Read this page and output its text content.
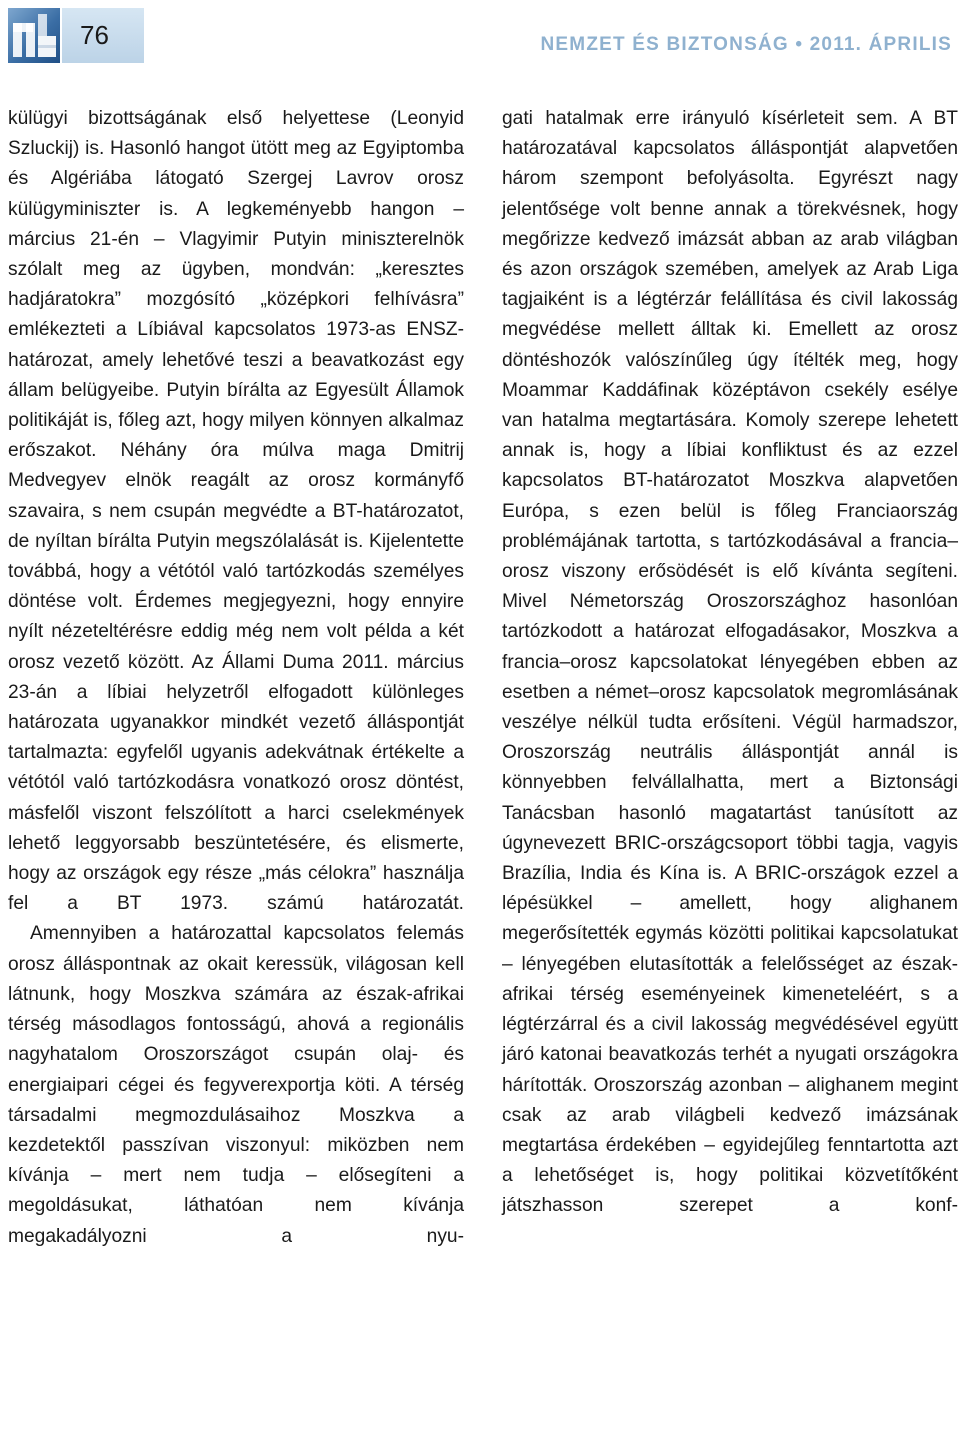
76	NEMZET ÉS BIZTONSÁG • 2011. ÁPRILIS

külügyi bizottságának első helyettese (Leonyid Szluckij) is. Hasonló hangot ütött meg az Egyiptomba és Algériába látogató Szergej Lavrov orosz külügyminiszter is. A legkeményebb hangon – március 21-én – Vlagyimir Putyin miniszterelnök szólalt meg az ügyben, mondván: „keresztes hadjáratokra” mozgósító „középkori felhívásra” emlékezteti a Líbiával kapcsolatos 1973-as ENSZ-határozat, amely lehetővé teszi a beavatkozást egy állam belügyeibe. Putyin bírálta az Egyesült Államok politikáját is, főleg azt, hogy milyen könnyen alkalmaz erőszakot. Néhány óra múlva maga Dmitrij Medvegyev elnök reagált az orosz kormányfő szavaira, s nem csupán megvédte a BT-határozatot, de nyíltan bírálta Putyin megszólalását is. Kijelentette továbbá, hogy a vétótól való tartózkodás személyes döntése volt. Érdemes megjegyezni, hogy ennyire nyílt nézeteltérésre eddig még nem volt példa a két orosz vezető között. Az Állami Duma 2011. március 23-án a líbiai helyzetről elfogadott különleges határozata ugyanakkor mindkét vezető álláspontját tartalmazta: egyfelől ugyanis adekvátnak értékelte a vétótól való tartózkodásra vonatkozó orosz döntést, másfelől viszont felszólított a harci cselekmények lehető leggyorsabb beszüntetésére, és elismerte, hogy az országok egy része „más célokra” használja fel a BT 1973. számú határozatát.

Amennyiben a határozattal kapcsolatos felemás orosz álláspontnak az okait keressük, világosan kell látnunk, hogy Moszkva számára az észak-afrikai térség másodlagos fontosságú, ahová a regionális nagyhatalom Oroszországot csupán olaj- és energiaipari cégei és fegyverexportja köti. A térség társadalmi megmozdulásaihoz Moszkva a kezdetektől passzívan viszonyul: miközben nem kívánja – mert nem tudja – elősegíteni a megoldásukat, láthatóan nem kívánja megakadályozni a nyu-

gati hatalmak erre irányuló kísérleteit sem. A BT határozatával kapcsolatos álláspontját alapvetően három szempont befolyásolta. Egyrészt nagy jelentősége volt benne annak a törekvésnek, hogy megőrizze kedvező imázsát abban az arab világban és azon országok szemében, amelyek az Arab Liga tagjaiként is a légtérzár felállítása és civil lakosság megvédése mellett álltak ki. Emellett az orosz döntéshozók valószínűleg úgy ítélték meg, hogy Moammar Kaddáfinak középtávon csekély esélye van hatalma megtartására. Komoly szerepe lehetett annak is, hogy a líbiai konfliktust és az ezzel kapcsolatos BT-határozatot Moszkva alapvetően Európa, s ezen belül is főleg Franciaország problémájának tartotta, s tartózkodásával a francia–orosz viszony erősödését is elő kívánta segíteni. Mivel Németország Oroszországhoz hasonlóan tartózkodott a határozat elfogadásakor, Moszkva a francia–orosz kapcsolatokat lényegében ebben az esetben a német–orosz kapcsolatok megromlásának veszélye nélkül tudta erősíteni. Végül harmadszor, Oroszország neutrális álláspontját annál is könnyebben felvállalhatta, mert a Biztonsági Tanácsban hasonló magatartást tanúsított az úgynevezett BRIC-országcsoport többi tagja, vagyis Brazília, India és Kína is. A BRIC-országok ezzel a lépésükkel – amellett, hogy alighanem megerősítették egymás közötti politikai kapcsolatukat – lényegében elutasították a felelősséget az észak-afrikai térség eseményeinek kimeneteléért, s a légtérzárral és a civil lakosság megvédésével együtt járó katonai beavatkozás terhét a nyugati országokra hárították. Oroszország azonban – alighanem megint csak az arab világbeli kedvező imázsának megtartása érdekében – egyidejűleg fenntartotta azt a lehetőséget is, hogy politikai közvetítőként játszhasson szerepet a konf-
